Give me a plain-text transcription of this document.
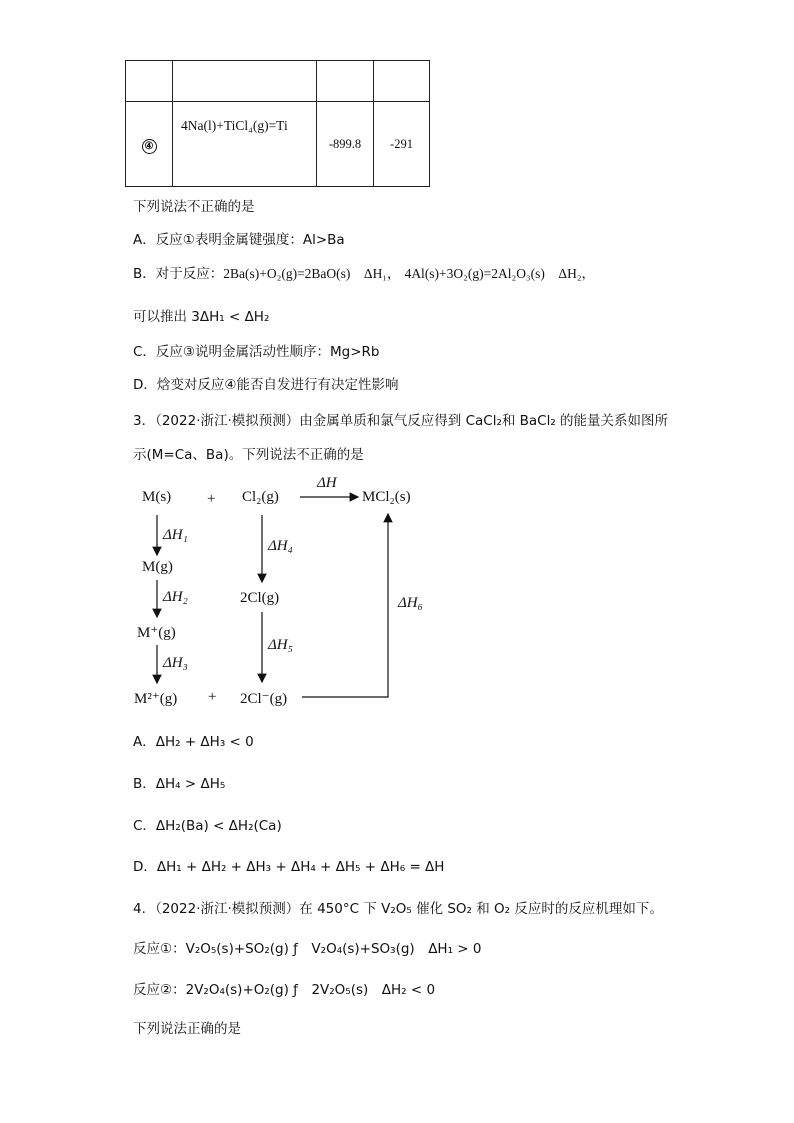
④	4Na(l)+TiCl₄(g)=Ti	-899.8	-291
下列说法不正确的是
A．反应①表明金属键强度：Al>Ba
B．对于反应：2Ba(s)+O₂(g)=2BaO(s)　ΔH₁， 4Al(s)+3O₂(g)=2Al₂O₃(s)　ΔH₂，
可以推出 3ΔH₁ < ΔH₂
C．反应③说明金属活动性顺序：Mg>Rb
D．焓变对反应④能否自发进行有决定性影响
3．（2022·浙江·模拟预测）由金属单质和氯气反应得到 CaCl₂和 BaCl₂ 的能量关系如图所
示(M=Ca、Ba)。下列说法不正确的是
M(s) + Cl₂(g)
ΔH
MCl₂(s)
ΔH₁
ΔH₄
M(g)
ΔH₂	2Cl(g)	ΔH₆
M⁺(g)
ΔH₅
ΔH₃
M²⁺(g) + 2Cl⁻(g)
A．ΔH₂ + ΔH₃ < 0
B．ΔH₄ > ΔH₅
C．ΔH₂(Ba) < ΔH₂(Ca)
D．ΔH₁ + ΔH₂ + ΔH₃ + ΔH₄ + ΔH₅ + ΔH₆ = ΔH
4．（2022·浙江·模拟预测）在 450°C 下 V₂O₅ 催化 SO₂ 和 O₂ 反应时的反应机理如下。
反应①：V₂O₅(s)+SO₂(g) ƒ　V₂O₄(s)+SO₃(g)　ΔH₁ > 0
反应②：2V₂O₄(s)+O₂(g) ƒ　2V₂O₅(s)　ΔH₂ < 0
下列说法正确的是
